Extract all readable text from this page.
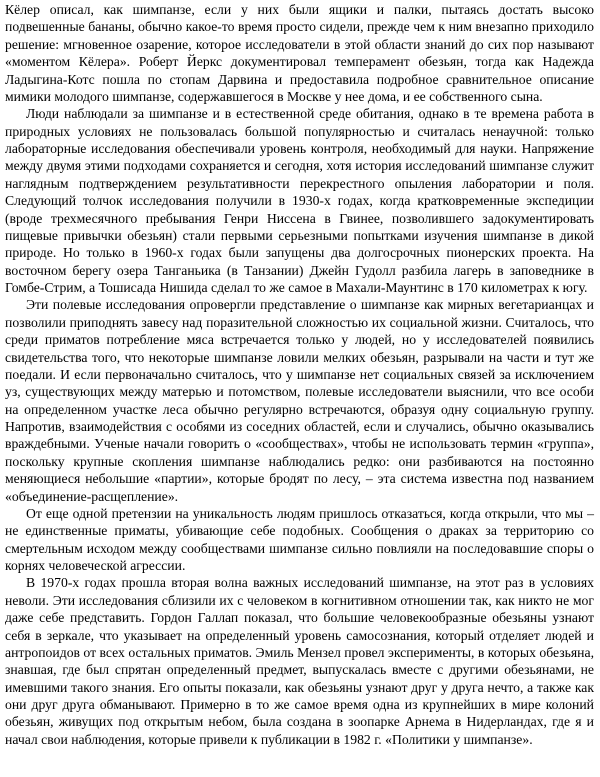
Кёлер описал, как шимпанзе, если у них были ящики и палки, пытаясь достать высоко подвешенные бананы, обычно какое-то время просто сидели, прежде чем к ним внезапно приходило решение: мгновенное озарение, которое исследователи в этой области знаний до сих пор называют «моментом Кёлера». Роберт Йеркс документировал темперамент обезьян, тогда как Надежда Ладыгина-Котс пошла по стопам Дарвина и предоставила подробное сравнительное описание мимики молодого шимпанзе, содержавшегося в Москве у нее дома, и ее собственного сына.

Люди наблюдали за шимпанзе и в естественной среде обитания, однако в те времена работа в природных условиях не пользовалась большой популярностью и считалась ненаучной: только лабораторные исследования обеспечивали уровень контроля, необходимый для науки. Напряжение между двумя этими подходами сохраняется и сегодня, хотя история исследований шимпанзе служит наглядным подтверждением результативности перекрестного опыления лаборатории и поля. Следующий толчок исследования получили в 1930-х годах, когда кратковременные экспедиции (вроде трехмесячного пребывания Генри Ниссена в Гвинее, позволившего задокументировать пищевые привычки обезьян) стали первыми серьезными попытками изучения шимпанзе в дикой природе. Но только в 1960-х годах были запущены два долгосрочных пионерских проекта. На восточном берегу озера Танганьика (в Танзании) Джейн Гудолл разбила лагерь в заповеднике в Гомбе-Стрим, а Тошисада Нишида сделал то же самое в Махали-Маунтинс в 170 километрах к югу.

Эти полевые исследования опровергли представление о шимпанзе как мирных вегетарианцах и позволили приподнять завесу над поразительной сложностью их социальной жизни. Считалось, что среди приматов потребление мяса встречается только у людей, но у исследователей появились свидетельства того, что некоторые шимпанзе ловили мелких обезьян, разрывали на части и тут же поедали. И если первоначально считалось, что у шимпанзе нет социальных связей за исключением уз, существующих между матерью и потомством, полевые исследователи выяснили, что все особи на определенном участке леса обычно регулярно встречаются, образуя одну социальную группу. Напротив, взаимодействия с особями из соседних областей, если и случались, обычно оказывались враждебными. Ученые начали говорить о «сообществах», чтобы не использовать термин «группа», поскольку крупные скопления шимпанзе наблюдались редко: они разбиваются на постоянно меняющиеся небольшие «партии», которые бродят по лесу, – эта система известна под названием «объединение-расщепление».

От еще одной претензии на уникальность людям пришлось отказаться, когда открыли, что мы – не единственные приматы, убивающие себе подобных. Сообщения о драках за территорию со смертельным исходом между сообществами шимпанзе сильно повлияли на последовавшие споры о корнях человеческой агрессии.

В 1970-х годах прошла вторая волна важных исследований шимпанзе, на этот раз в условиях неволи. Эти исследования сблизили их с человеком в когнитивном отношении так, как никто не мог даже себе представить. Гордон Галлап показал, что большие человекообразные обезьяны узнают себя в зеркале, что указывает на определенный уровень самосознания, который отделяет людей и антропоидов от всех остальных приматов. Эмиль Мензел провел эксперименты, в которых обезьяна, знавшая, где был спрятан определенный предмет, выпускалась вместе с другими обезьянами, не имевшими такого знания. Его опыты показали, как обезьяны узнают друг у друга нечто, а также как они друг друга обманывают. Примерно в то же самое время одна из крупнейших в мире колоний обезьян, живущих под открытым небом, была создана в зоопарке Арнема в Нидерландах, где я и начал свои наблюдения, которые привели к публикации в 1982 г. «Политики у шимпанзе».
